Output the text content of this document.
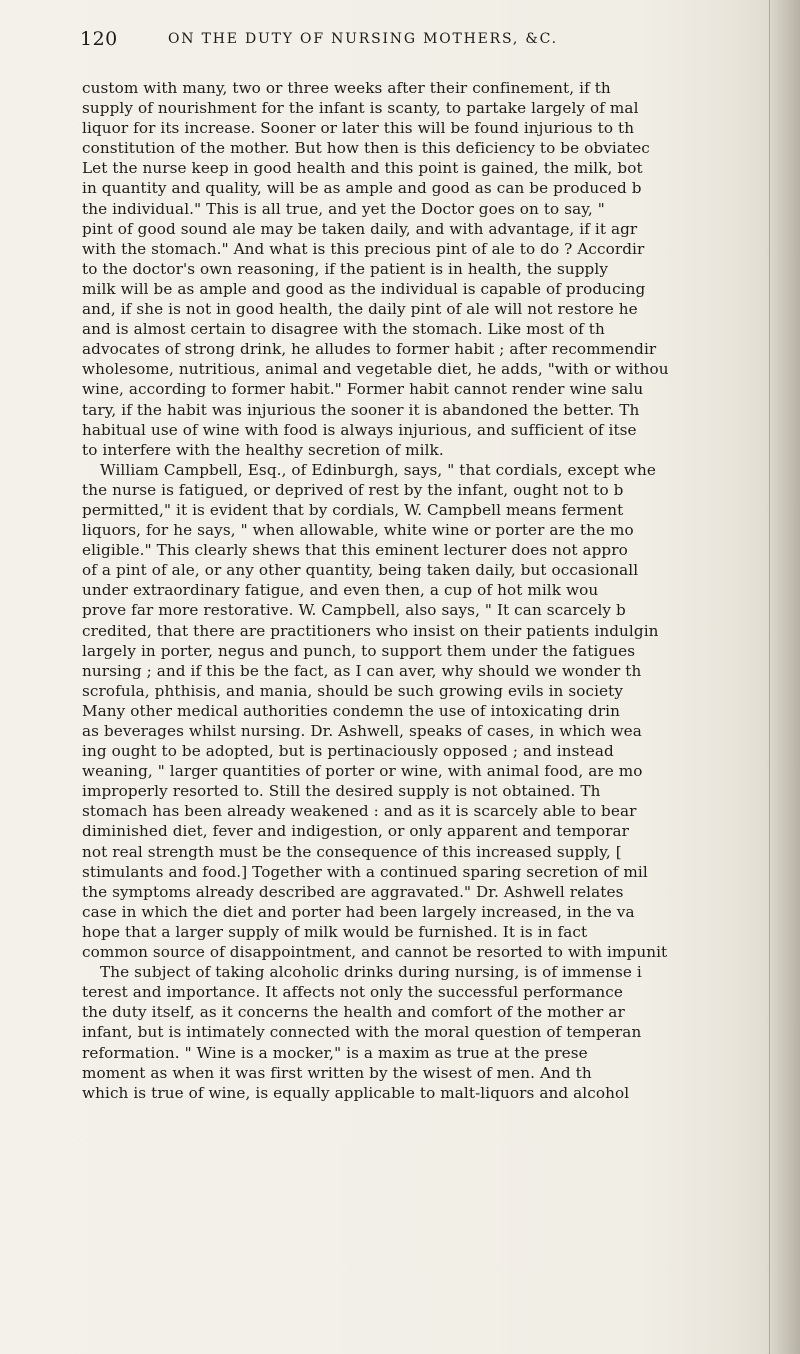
120	ON THE DUTY OF NURSING MOTHERS, &C.
custom with many, two or three weeks after their confinement, if th
supply of nourishment for the infant is scanty, to partake largely of mal
liquor for its increase. Sooner or later this will be found injurious to th
constitution of the mother. But how then is this deficiency to be obviatec
Let the nurse keep in good health and this point is gained, the milk, bot
in quantity and quality, will be as ample and good as can be produced b
the individual." This is all true, and yet the Doctor goes on to say, "
pint of good sound ale may be taken daily, and with advantage, if it agr
with the stomach." And what is this precious pint of ale to do ? Accordir
to the doctor's own reasoning, if the patient is in health, the supply
milk will be as ample and good as the individual is capable of producing
and, if she is not in good health, the daily pint of ale will not restore he
and is almost certain to disagree with the stomach. Like most of th
advocates of strong drink, he alludes to former habit ; after recommendir
wholesome, nutritious, animal and vegetable diet, he adds, "with or withou
wine, according to former habit." Former habit cannot render wine salu
tary, if the habit was injurious the sooner it is abandoned the better. Th
habitual use of wine with food is always injurious, and sufficient of itse
to interfere with the healthy secretion of milk.
William Campbell, Esq., of Edinburgh, says, " that cordials, except whe
the nurse is fatigued, or deprived of rest by the infant, ought not to b
permitted," it is evident that by cordials, W. Campbell means ferment
liquors, for he says, " when allowable, white wine or porter are the mo
eligible." This clearly shews that this eminent lecturer does not appro
of a pint of ale, or any other quantity, being taken daily, but occasionall
under extraordinary fatigue, and even then, a cup of hot milk wou
prove far more restorative. W. Campbell, also says, " It can scarcely b
credited, that there are practitioners who insist on their patients indulgin
largely in porter, negus and punch, to support them under the fatigues
nursing ; and if this be the fact, as I can aver, why should we wonder th
scrofula, phthisis, and mania, should be such growing evils in society
Many other medical authorities condemn the use of intoxicating drin
as beverages whilst nursing. Dr. Ashwell, speaks of cases, in which wea
ing ought to be adopted, but is pertinaciously opposed ; and instead
weaning, " larger quantities of porter or wine, with animal food, are mo
improperly resorted to. Still the desired supply is not obtained. Th
stomach has been already weakened : and as it is scarcely able to bear
diminished diet, fever and indigestion, or only apparent and temporar
not real strength must be the consequence of this increased supply, [
stimulants and food.] Together with a continued sparing secretion of mil
the symptoms already described are aggravated." Dr. Ashwell relates
case in which the diet and porter had been largely increased, in the va
hope that a larger supply of milk would be furnished. It is in fact
common source of disappointment, and cannot be resorted to with impunit
The subject of taking alcoholic drinks during nursing, is of immense i
terest and importance. It affects not only the successful performance
the duty itself, as it concerns the health and comfort of the mother ar
infant, but is intimately connected with the moral question of temperan
reformation. " Wine is a mocker," is a maxim as true at the prese
moment as when it was first written by the wisest of men. And th
which is true of wine, is equally applicable to malt-liquors and alcohol
